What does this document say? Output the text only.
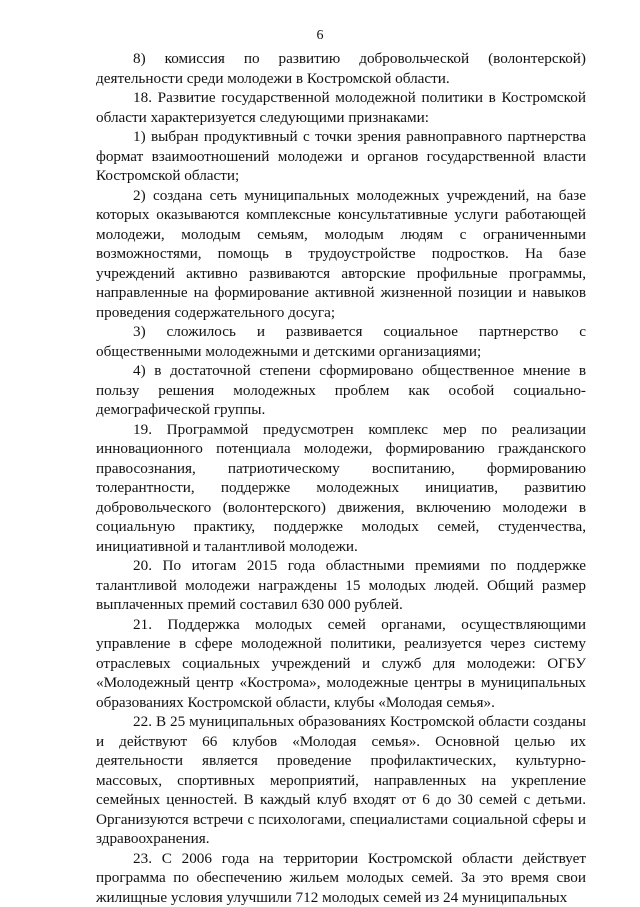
6

8) комиссия по развитию добровольческой (волонтерской) деятельности среди молодежи в Костромской области.

18. Развитие государственной молодежной политики в Костромской области характеризуется следующими признаками:

1) выбран продуктивный с точки зрения равноправного партнерства формат взаимоотношений молодежи и органов государственной власти Костромской области;

2) создана сеть муниципальных молодежных учреждений, на базе которых оказываются комплексные консультативные услуги работающей молодежи, молодым семьям, молодым людям с ограниченными возможностями, помощь в трудоустройстве подростков. На базе учреждений активно развиваются авторские профильные программы, направленные на формирование активной жизненной позиции и навыков проведения содержательного досуга;

3) сложилось и развивается социальное партнерство с общественными молодежными и детскими организациями;

4) в достаточной степени сформировано общественное мнение в пользу решения молодежных проблем как особой социально-демографической группы.

19. Программой предусмотрен комплекс мер по реализации инновационного потенциала молодежи, формированию гражданского правосознания, патриотическому воспитанию, формированию толерантности, поддержке молодежных инициатив, развитию добровольческого (волонтерского) движения, включению молодежи в социальную практику, поддержке молодых семей, студенчества, инициативной и талантливой молодежи.

20. По итогам 2015 года областными премиями по поддержке талантливой молодежи награждены 15 молодых людей. Общий размер выплаченных премий составил 630 000 рублей.

21. Поддержка молодых семей органами, осуществляющими управление в сфере молодежной политики, реализуется через систему отраслевых социальных учреждений и служб для молодежи: ОГБУ «Молодежный центр «Кострома», молодежные центры в муниципальных образованиях Костромской области, клубы «Молодая семья».

22. В 25 муниципальных образованиях Костромской области созданы и действуют 66 клубов «Молодая семья». Основной целью их деятельности является проведение профилактических, культурно-массовых, спортивных мероприятий, направленных на укрепление семейных ценностей. В каждый клуб входят от 6 до 30 семей с детьми. Организуются встречи с психологами, специалистами социальной сферы и здравоохранения.

23. С 2006 года на территории Костромской области действует программа по обеспечению жильем молодых семей. За это время свои жилищные условия улучшили 712 молодых семей из 24 муниципальных
